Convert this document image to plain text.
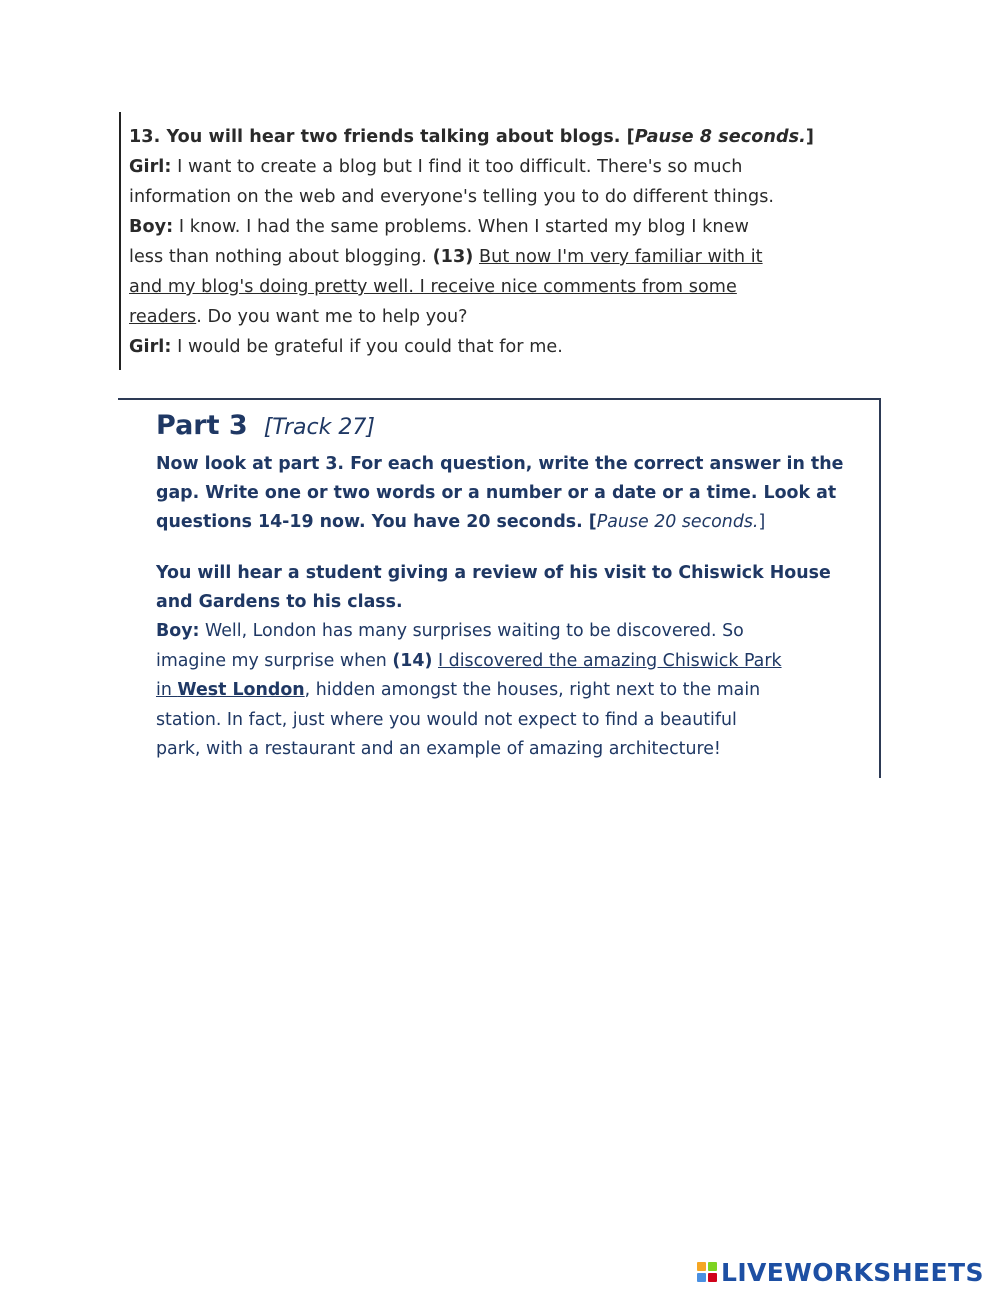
13. You will hear two friends talking about blogs. [Pause 8 seconds.]
Girl: I want to create a blog but I find it too difficult. There's so much
information on the web and everyone's telling you to do different things.
Boy: I know. I had the same problems. When I started my blog I knew
less than nothing about blogging. (13) But now I'm very familiar with it
and my blog's doing pretty well. I receive nice comments from some
readers. Do you want me to help you?
Girl: I would be grateful if you could that for me.
Part 3 [Track 27]
Now look at part 3. For each question, write the correct answer in the
gap. Write one or two words or a number or a date or a time. Look at
questions 14-19 now. You have 20 seconds. [Pause 20 seconds.]
You will hear a student giving a review of his visit to Chiswick House
and Gardens to his class.
Boy: Well, London has many surprises waiting to be discovered. So
imagine my surprise when (14) I discovered the amazing Chiswick Park
in West London, hidden amongst the houses, right next to the main
station. In fact, just where you would not expect to find a beautiful
park, with a restaurant and an example of amazing architecture!
LIVEWORKSHEETS
